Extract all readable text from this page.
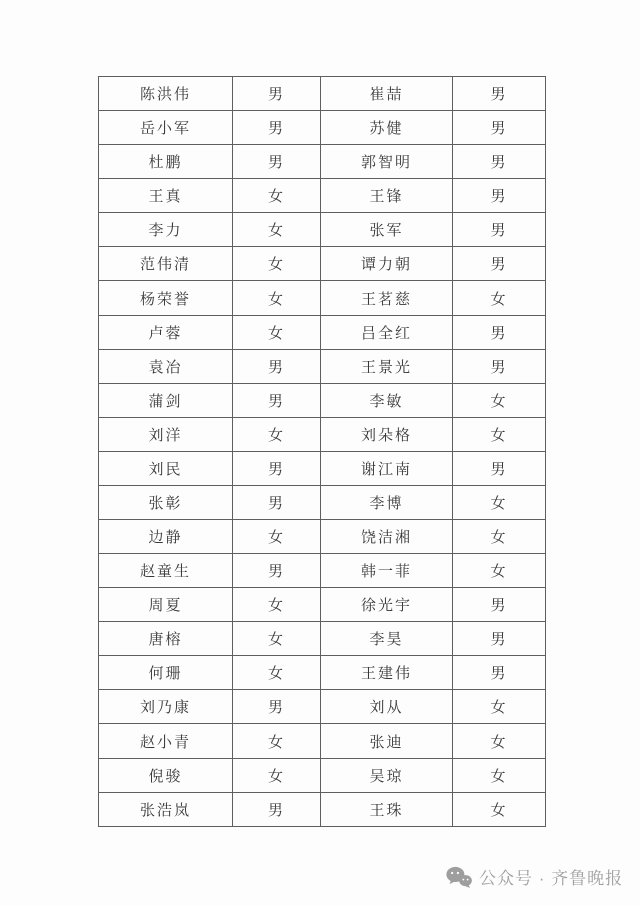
陈洪伟	男	崔喆	男
岳小军	男	苏健	男
杜鹏	男	郭智明	男
王真	女	王锋	男
李力	女	张军	男
范伟清	女	谭力朝	男
杨荣誉	女	王茗慈	女
卢蓉	女	吕全红	男
袁冶	男	王景光	男
蒲剑	男	李敏	女
刘洋	女	刘朵格	女
刘民	男	谢江南	男
张彰	男	李博	女
边静	女	饶洁湘	女
赵童生	男	韩一菲	女
周夏	女	徐光宇	男
唐榕	女	李昊	男
何珊	女	王建伟	男
刘乃康	男	刘从	女
赵小青	女	张迪	女
倪骏	女	吴琼	女
张浩岚	男	王珠	女
公众号 · 齐鲁晚报
